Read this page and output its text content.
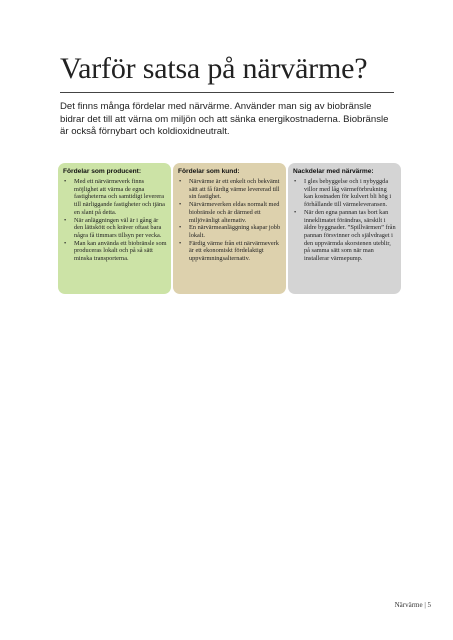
Varför satsa på närvärme?

Det finns många fördelar med närvärme. Använder man sig av biobränsle bidrar det till att värna om miljön och att sänka energikostnaderna. Biobränsle är också förnybart och koldioxidneutralt.

Fördelar som producent:
• Med ett närvärmeverk finns möjlighet att värma de egna fastigheterna och samtidigt leverera till närliggande fastigheter och tjäna en slant på detta.
• När anläggningen väl är i gång är den lättskött och kräver oftast bara några få timmars tillsyn per vecka.
• Man kan använda ett biobränsle som produceras lokalt och på så sätt minska transporterna.
Fördelar som kund:
• Närvärme är ett enkelt och bekvämt sätt att få färdig värme levererad till sin fastighet.
• Närvärmeverken eldas normalt med biobränsle och är därmed ett miljövänligt alternativ.
• En närvärmeanläggning skapar jobb lokalt.
• Färdig värme från ett närvärmeverk är ett ekonomiskt fördelaktigt uppvärmningsalternativ.
Nackdelar med närvärme:
• I gles bebyggelse och i nybyggda villor med låg värmeförbrukning kan kostnaden för kulvert bli hög i förhållande till värmeleveransen.
• När den egna pannan tas bort kan inneklimatet förändras, särskilt i äldre byggnader. ”Spillvärmen” från pannan försvinner och självdraget i den uppvärmda skorstenen uteblir, på samma sätt som när man installerar värmepump.
Närvärme | 5
